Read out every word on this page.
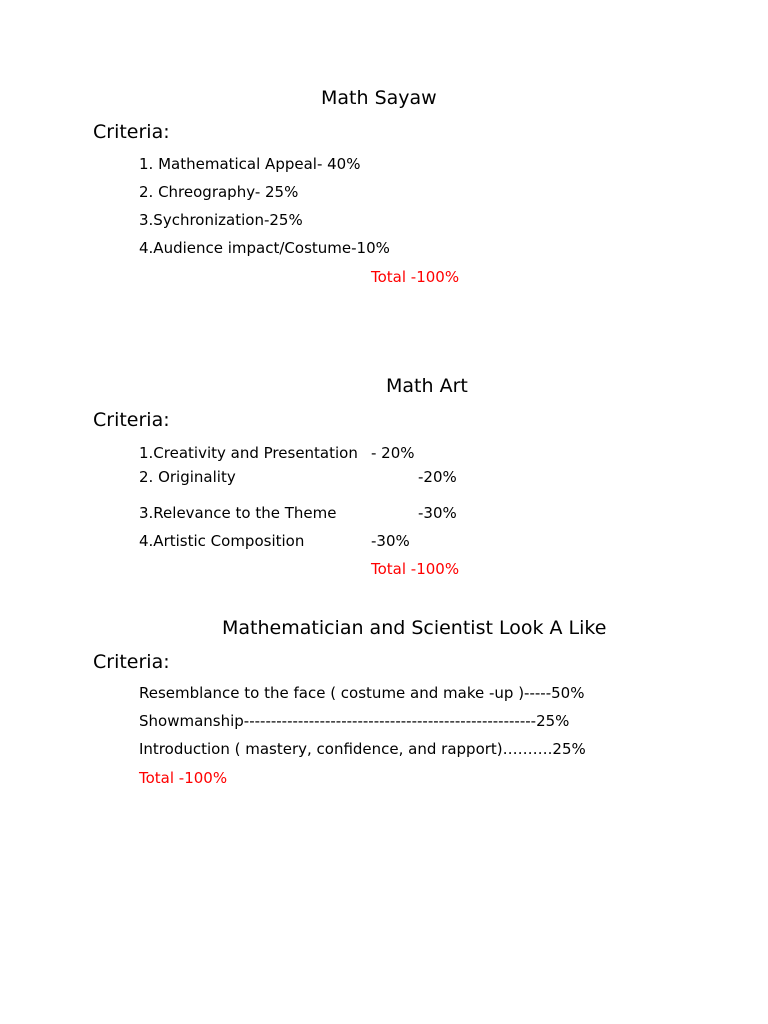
Math Sayaw
Criteria:
1. Mathematical Appeal- 40%
2. Chreography- 25%
3.Sychronization-25%
4.Audience impact/Costume-10%
Total -100%
Math Art
Criteria:
1.Creativity and Presentation - 20%
2. Originality	-20%
3.Relevance to the Theme	-30%
4.Artistic Composition	-30%
Total -100%
Mathematician and Scientist Look A Like
Criteria:
Resemblance to the face ( costume and make -up )-----50%
Showmanship------------------------------------------------------25%
Introduction ( mastery, confidence, and rapport)……….25%
Total -100%
